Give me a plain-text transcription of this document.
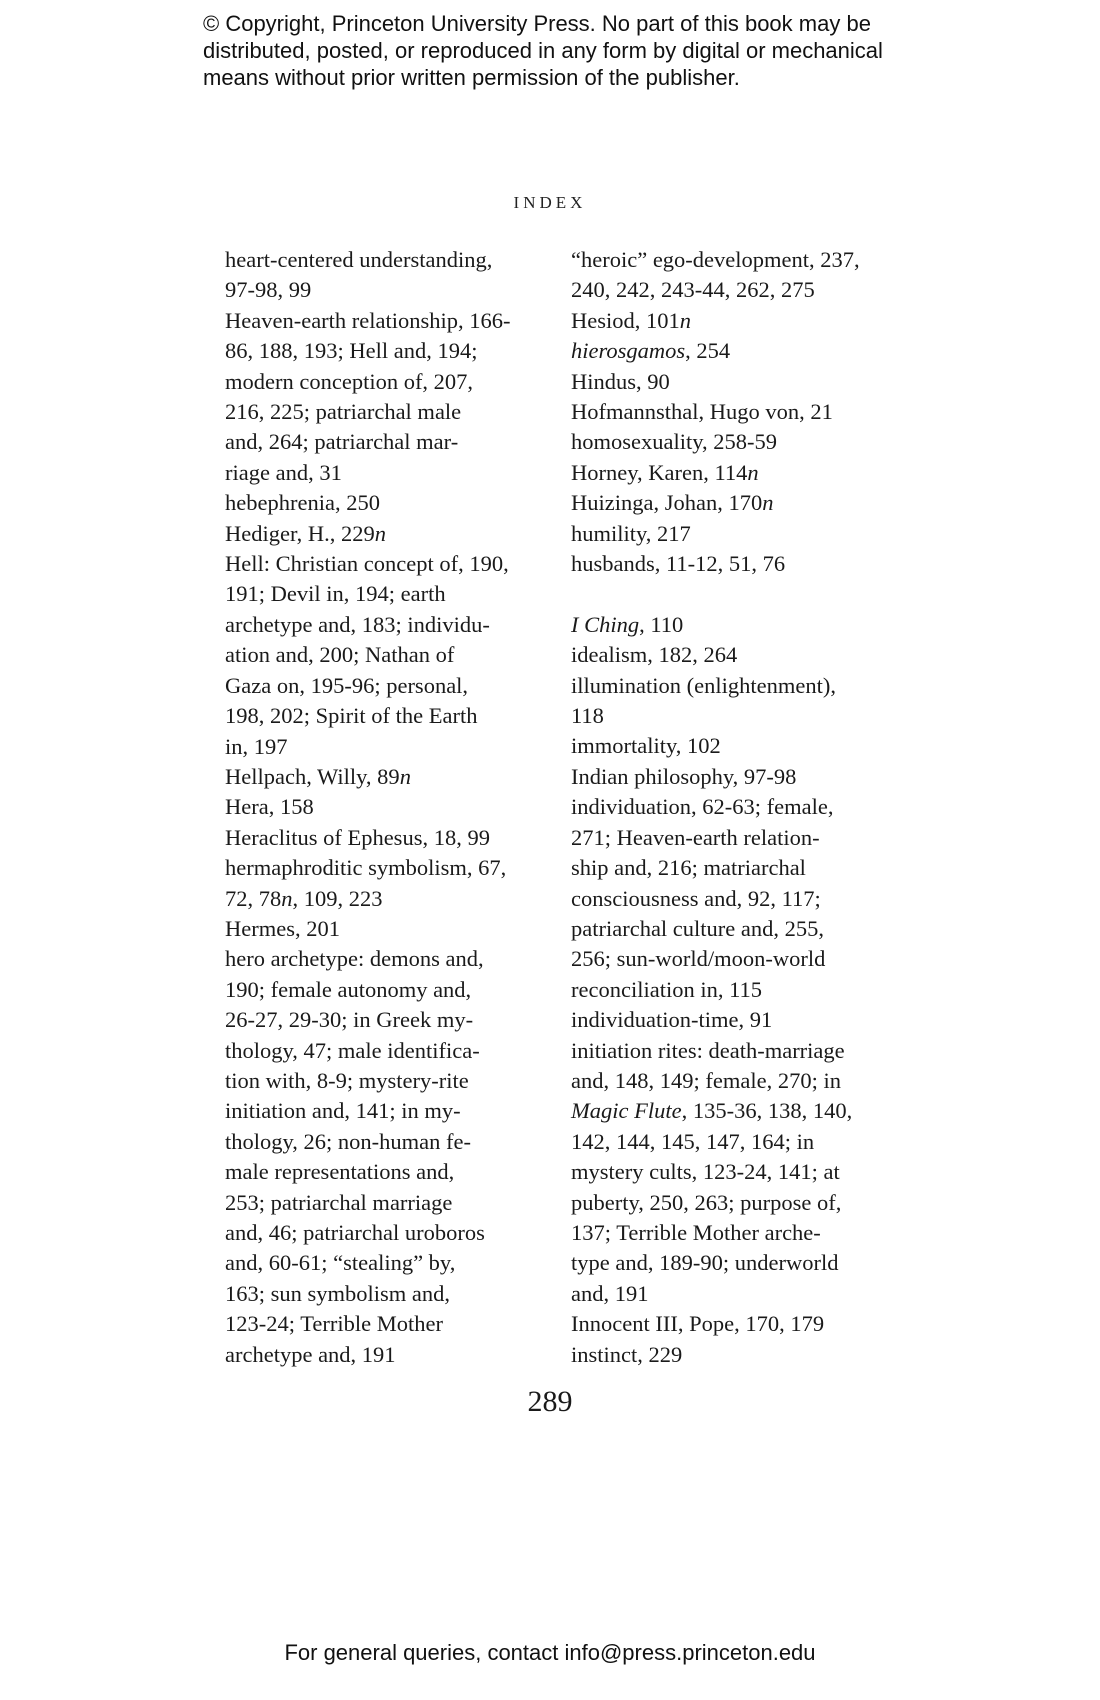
© Copyright, Princeton University Press. No part of this book may be
distributed, posted, or reproduced in any form by digital or mechanical
means without prior written permission of the publisher.
INDEX
heart-centered understanding,
97-98, 99
Heaven-earth relationship, 166-
86, 188, 193; Hell and, 194;
modern conception of, 207,
216, 225; patriarchal male
and, 264; patriarchal mar-
riage and, 31
hebephrenia, 250
Hediger, H., 229n
Hell: Christian concept of, 190,
191; Devil in, 194; earth
archetype and, 183; individu-
ation and, 200; Nathan of
Gaza on, 195-96; personal,
198, 202; Spirit of the Earth
in, 197
Hellpach, Willy, 89n
Hera, 158
Heraclitus of Ephesus, 18, 99
hermaphroditic symbolism, 67,
72, 78n, 109, 223
Hermes, 201
hero archetype: demons and,
190; female autonomy and,
26-27, 29-30; in Greek my-
thology, 47; male identifica-
tion with, 8-9; mystery-rite
initiation and, 141; in my-
thology, 26; non-human fe-
male representations and,
253; patriarchal marriage
and, 46; patriarchal uroboros
and, 60-61; “stealing” by,
163; sun symbolism and,
123-24; Terrible Mother
archetype and, 191
“heroic” ego-development, 237,
240, 242, 243-44, 262, 275
Hesiod, 101n
hierosgamos, 254
Hindus, 90
Hofmannsthal, Hugo von, 21
homosexuality, 258-59
Horney, Karen, 114n
Huizinga, Johan, 170n
humility, 217
husbands, 11-12, 51, 76
I Ching, 110
idealism, 182, 264
illumination (enlightenment),
118
immortality, 102
Indian philosophy, 97-98
individuation, 62-63; female,
271; Heaven-earth relation-
ship and, 216; matriarchal
consciousness and, 92, 117;
patriarchal culture and, 255,
256; sun-world/moon-world
reconciliation in, 115
individuation-time, 91
initiation rites: death-marriage
and, 148, 149; female, 270; in
Magic Flute, 135-36, 138, 140,
142, 144, 145, 147, 164; in
mystery cults, 123-24, 141; at
puberty, 250, 263; purpose of,
137; Terrible Mother arche-
type and, 189-90; underworld
and, 191
Innocent III, Pope, 170, 179
instinct, 229
289
For general queries, contact info@press.princeton.edu
